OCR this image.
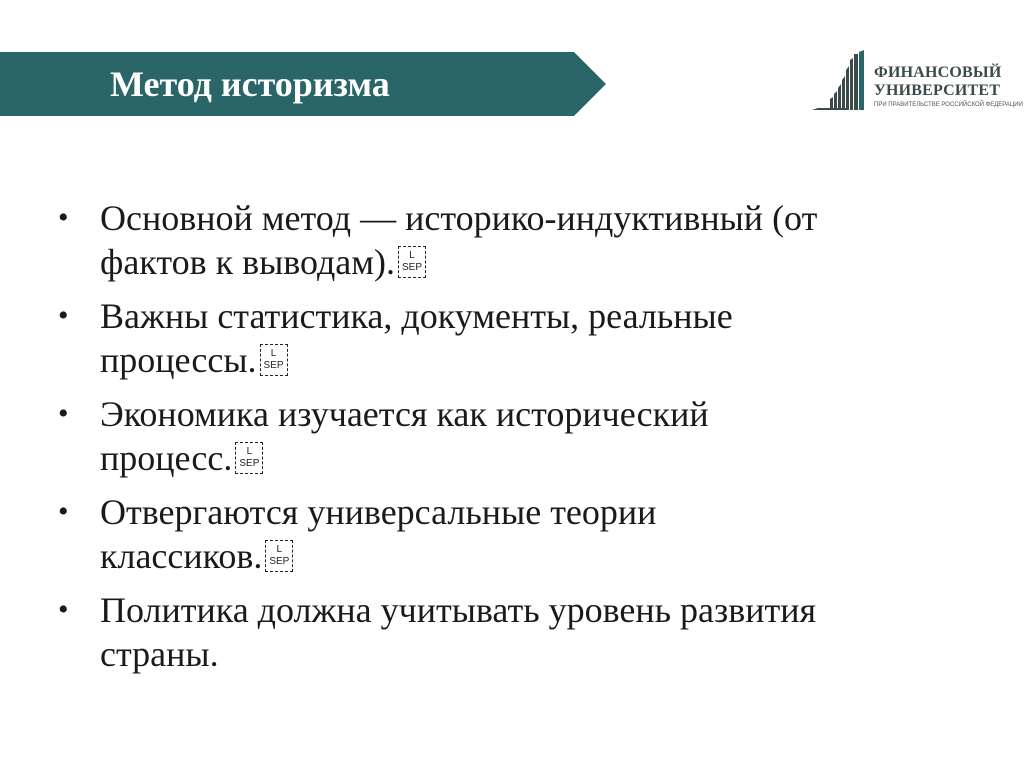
Метод историзма	ФИНАНСОВЫЙ
УНИВЕРСИТЕТ
ПРИ ПРАВИТЕЛЬСТВЕ РОССИЙСКОЙ ФЕДЕРАЦИИ
• Основной метод — историко-индуктивный (от
фактов к выводам). L
SEP
• Важны статистика, документы, реальные
процессы. L
SEP
• Экономика изучается как исторический
процесс. L
SEP
• Отвергаются универсальные теории
классиков. L
SEP
• Политика должна учитывать уровень развития
страны.
